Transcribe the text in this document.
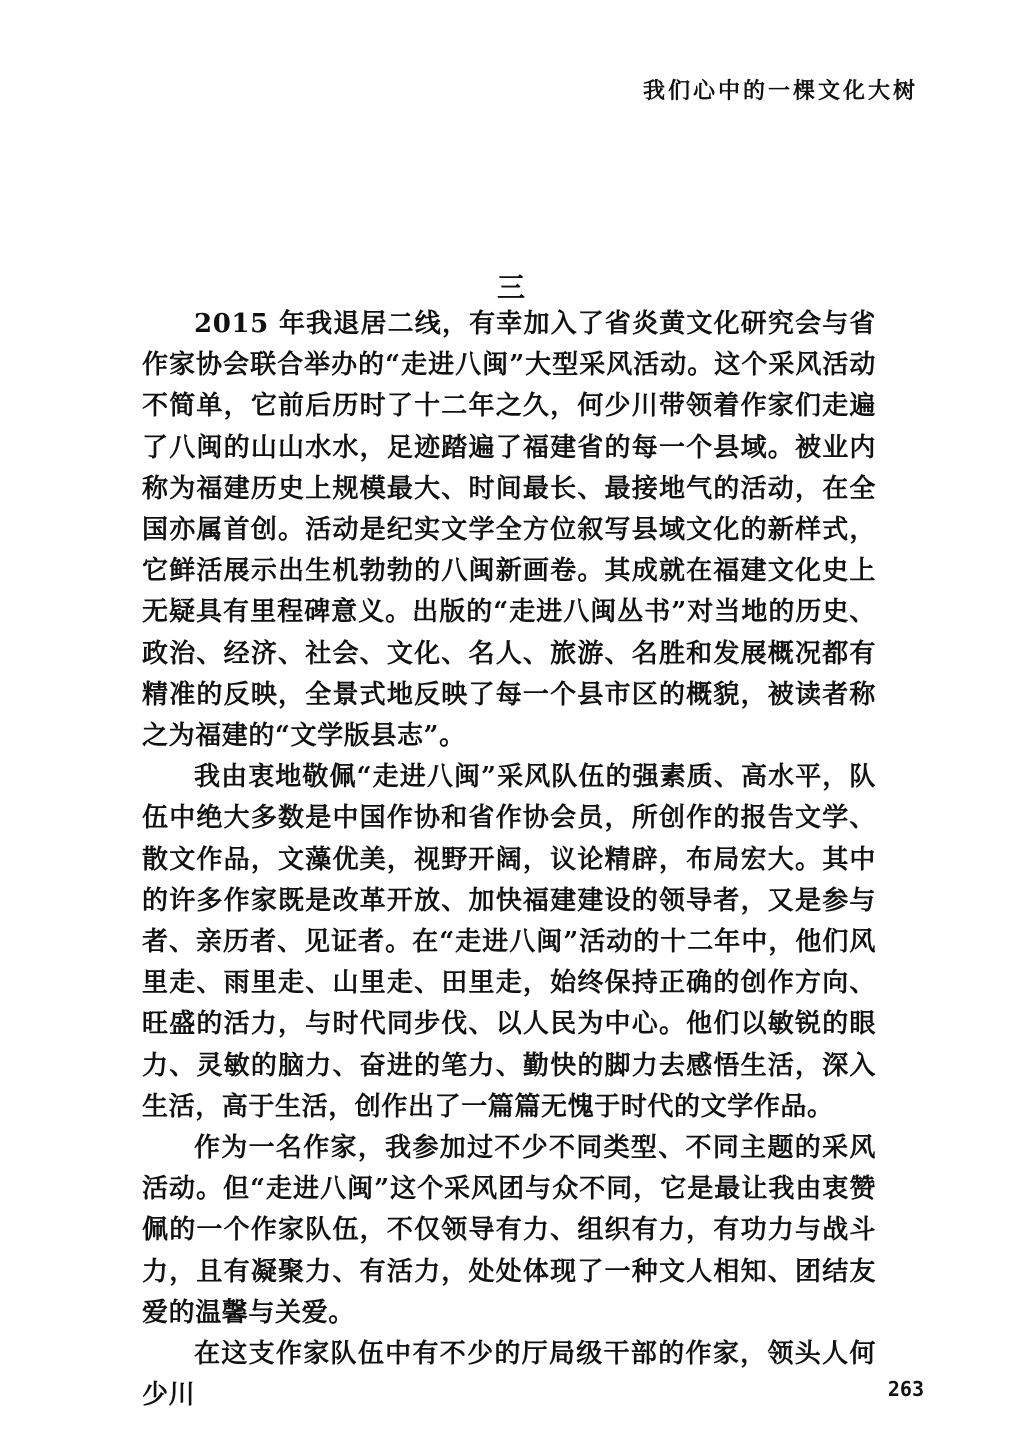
我们心中的一棵文化大树
三

2015 年我退居二线，有幸加入了省炎黄文化研究会与省作家协会联合举办的“走进八闽”大型采风活动。这个采风活动不简单，它前后历时了十二年之久，何少川带领着作家们走遍了八闽的山山水水，足迹踏遍了福建省的每一个县域。被业内称为福建历史上规模最大、时间最长、最接地气的活动，在全国亦属首创。活动是纪实文学全方位叙写县域文化的新样式，它鲜活展示出生机勃勃的八闽新画卷。其成就在福建文化史上无疑具有里程碑意义。出版的“走进八闽丛书”对当地的历史、政治、经济、社会、文化、名人、旅游、名胜和发展概况都有精准的反映，全景式地反映了每一个县市区的概貌，被读者称之为福建的“文学版县志”。

我由衷地敬佩“走进八闽”采风队伍的强素质、高水平，队伍中绝大多数是中国作协和省作协会员，所创作的报告文学、散文作品，文藻优美，视野开阔，议论精辟，布局宏大。其中的许多作家既是改革开放、加快福建建设的领导者，又是参与者、亲历者、见证者。在“走进八闽”活动的十二年中，他们风里走、雨里走、山里走、田里走，始终保持正确的创作方向、旺盛的活力，与时代同步伐、以人民为中心。他们以敏锐的眼力、灵敏的脑力、奋进的笔力、勤快的脚力去感悟生活，深入生活，高于生活，创作出了一篇篇无愧于时代的文学作品。

作为一名作家，我参加过不少不同类型、不同主题的采风活动。但“走进八闽”这个采风团与众不同，它是最让我由衷赞佩的一个作家队伍，不仅领导有力、组织有力，有功力与战斗力，且有凝聚力、有活力，处处体现了一种文人相知、团结友爱的温馨与关爱。

在这支作家队伍中有不少的厅局级干部的作家，领头人何少川	263
